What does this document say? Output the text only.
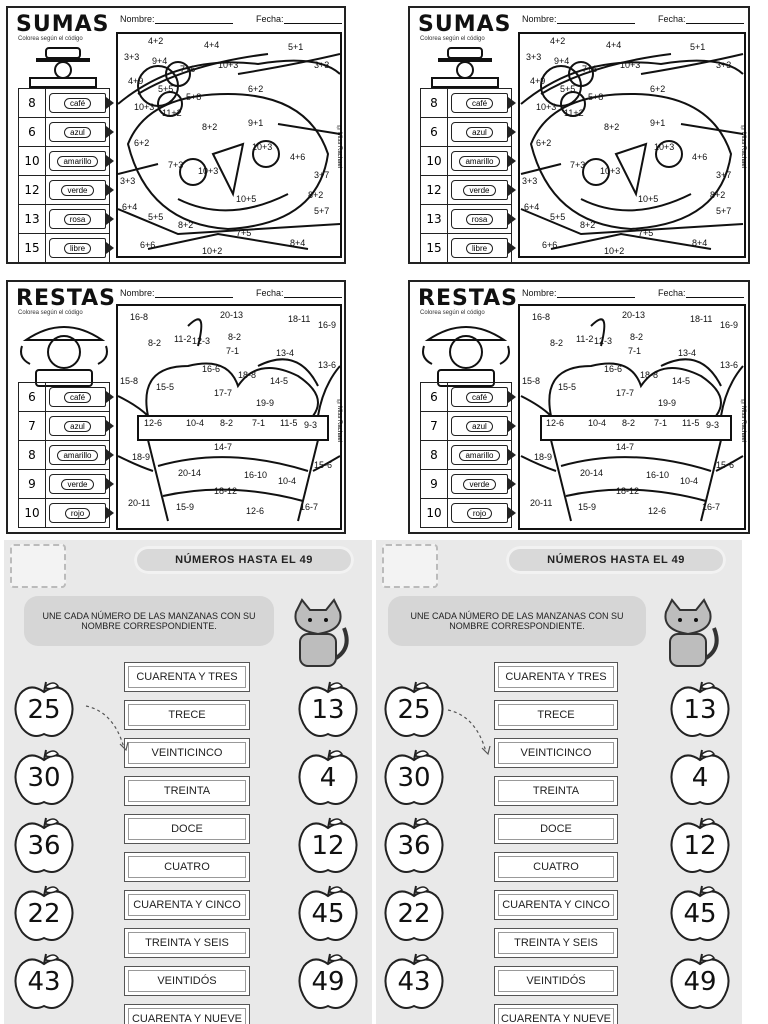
SUMAS
Colorea según el código
Nombre:	Fecha:
8	café

6	azul

10	amarillo

12	verde

13	rosa

15	libre
4+2	4+4	5+1
3+3 9+4
7+6	10+3	3+3
4+9
5+5	6+2
10+3
11+2
5+8
8+2	9+1
6+2	10+3
4+6
7+3
10+3	3+7
3+3
8+2
6+4
10+5
5+7
5+5
8+2
7+5
8+4
6+6
10+2
©Miss Rachael
SUMAS
Colorea según el código
Nombre:	Fecha:
8	café

6	azul

10	amarillo

12	verde

13	rosa

15	libre
4+2	4+4	5+1
3+3 9+4
7+6	10+3	3+3
4+9
5+5	6+2
10+3
11+2
5+8
8+2	9+1
6+2	10+3
4+6
7+3
10+3	3+7
3+3
8+2
6+4
10+5
5+7
5+5
8+2
7+5
8+4
6+6
10+2
©Miss Rachael
RESTAS
Colorea según el código
Nombre:	Fecha:
6	café

7	azul

8	amarillo

9	verde

10	rojo
16-8	20-13	18-11
16-9
8-2 11-2 12-3 8-2
7-1	13-4
16-6
18-8
13-6
15-8
15-5
17-7
14-5
19-9
12-6	10-4 8-2 7-1 11-5 9-3
14-7
18-9
15-6
20-14	16-10
10-4
18-12
20-11	15-9	12-6	16-7
©Miss Rachael
RESTAS
Colorea según el código
Nombre:	Fecha:
6	café

7	azul

8	amarillo

9	verde

10	rojo
16-8	20-13	18-11
16-9
8-2 11-2 12-3 8-2
7-1	13-4
16-6
18-8
13-6
15-8
15-5
17-7
14-5
19-9
12-6	10-4 8-2 7-1 11-5 9-3
14-7
18-9
15-6
20-14	16-10
10-4
18-12
20-11	15-9	12-6	16-7
©Miss Rachael
NÚMEROS HASTA EL 49
UNE CADA NÚMERO DE LAS MANZANAS CON SU NOMBRE CORRESPONDIENTE.
CUARENTA Y TRES
TRECE
VEINTICINCO
TREINTA
DOCE
CUATRO
CUARENTA Y CINCO
TREINTA Y SEIS
VEINTIDÓS
CUARENTA Y NUEVE
25
30
36
22
43
13
4
12
45
49
NÚMEROS HASTA EL 49
UNE CADA NÚMERO DE LAS MANZANAS CON SU NOMBRE CORRESPONDIENTE.
CUARENTA Y TRES
TRECE
VEINTICINCO
TREINTA
DOCE
CUATRO
CUARENTA Y CINCO
TREINTA Y SEIS
VEINTIDÓS
CUARENTA Y NUEVE
25
30
36
22
43
13
4
12
45
49
